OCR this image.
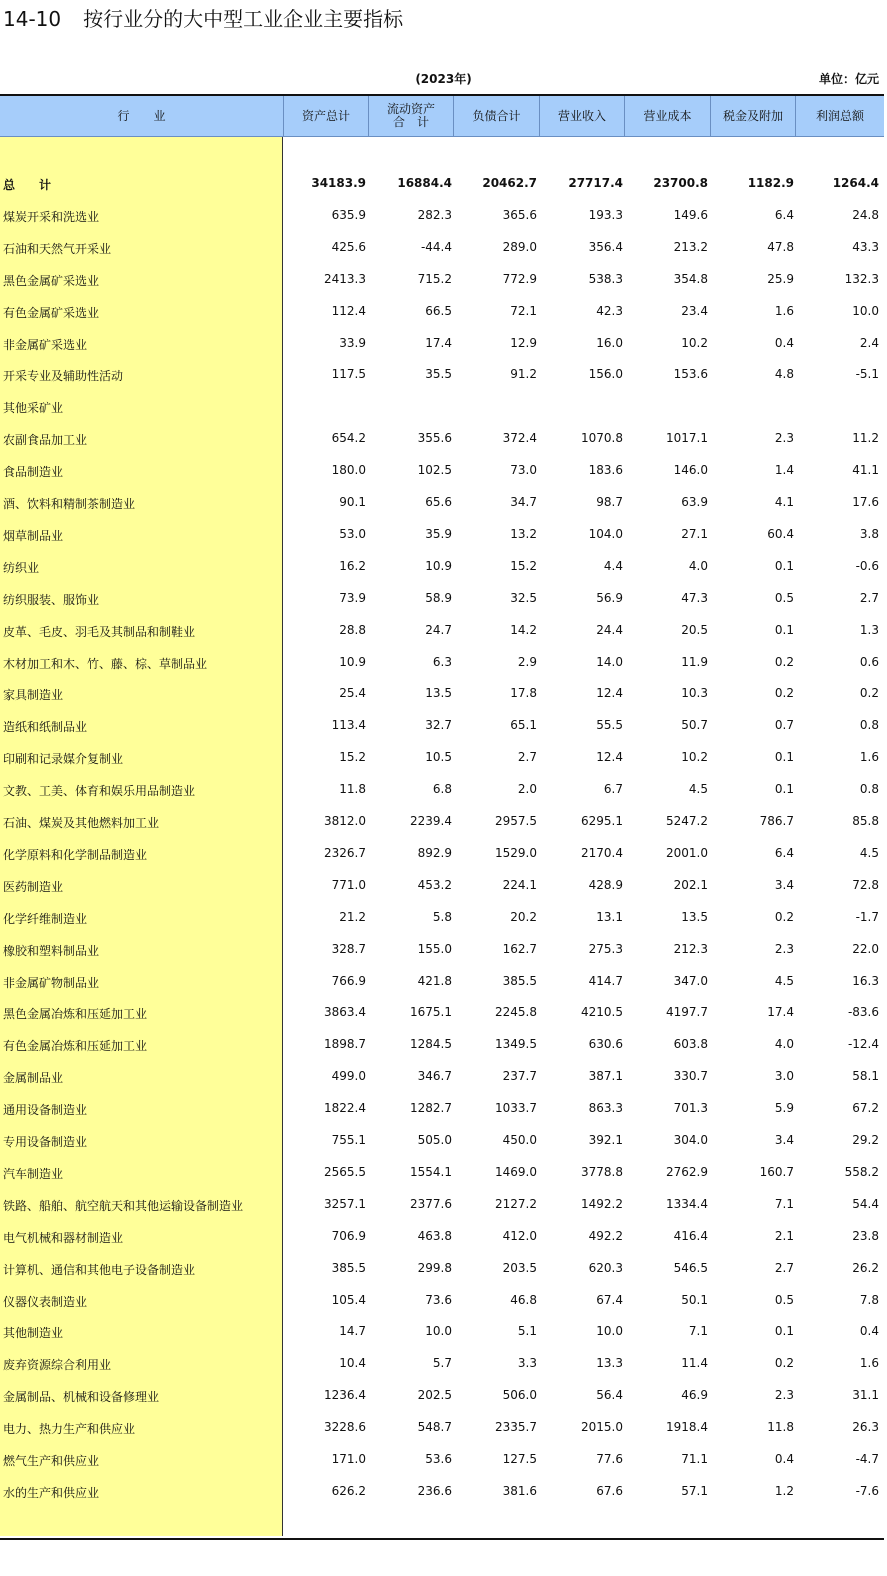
14-10 按行业分的大中型工业企业主要指标
(2023年)	单位：亿元
行　　业	资产总计	流动资产
合　计	负债合计	营业收入	营业成本	税金及附加	利润总额
总　　计	34183.9	16884.4	20462.7	27717.4	23700.8	1182.9	1264.4
煤炭开采和洗选业	635.9	282.3	365.6	193.3	149.6	6.4	24.8
石油和天然气开采业	425.6	-44.4	289.0	356.4	213.2	47.8	43.3
黑色金属矿采选业	2413.3	715.2	772.9	538.3	354.8	25.9	132.3
有色金属矿采选业	112.4	66.5	72.1	42.3	23.4	1.6	10.0
非金属矿采选业	33.9	17.4	12.9	16.0	10.2	0.4	2.4
开采专业及辅助性活动	117.5	35.5	91.2	156.0	153.6	4.8	-5.1
其他采矿业
农副食品加工业	654.2	355.6	372.4	1070.8	1017.1	2.3	11.2
食品制造业	180.0	102.5	73.0	183.6	146.0	1.4	41.1
酒、饮料和精制茶制造业	90.1	65.6	34.7	98.7	63.9	4.1	17.6
烟草制品业	53.0	35.9	13.2	104.0	27.1	60.4	3.8
纺织业	16.2	10.9	15.2	4.4	4.0	0.1	-0.6
纺织服装、服饰业	73.9	58.9	32.5	56.9	47.3	0.5	2.7
皮革、毛皮、羽毛及其制品和制鞋业	28.8	24.7	14.2	24.4	20.5	0.1	1.3
木材加工和木、竹、藤、棕、草制品业	10.9	6.3	2.9	14.0	11.9	0.2	0.6
家具制造业	25.4	13.5	17.8	12.4	10.3	0.2	0.2
造纸和纸制品业	113.4	32.7	65.1	55.5	50.7	0.7	0.8
印刷和记录媒介复制业	15.2	10.5	2.7	12.4	10.2	0.1	1.6
文教、工美、体育和娱乐用品制造业	11.8	6.8	2.0	6.7	4.5	0.1	0.8
石油、煤炭及其他燃料加工业	3812.0	2239.4	2957.5	6295.1	5247.2	786.7	85.8
化学原料和化学制品制造业	2326.7	892.9	1529.0	2170.4	2001.0	6.4	4.5
医药制造业	771.0	453.2	224.1	428.9	202.1	3.4	72.8
化学纤维制造业	21.2	5.8	20.2	13.1	13.5	0.2	-1.7
橡胶和塑料制品业	328.7	155.0	162.7	275.3	212.3	2.3	22.0
非金属矿物制品业	766.9	421.8	385.5	414.7	347.0	4.5	16.3
黑色金属冶炼和压延加工业	3863.4	1675.1	2245.8	4210.5	4197.7	17.4	-83.6
有色金属冶炼和压延加工业	1898.7	1284.5	1349.5	630.6	603.8	4.0	-12.4
金属制品业	499.0	346.7	237.7	387.1	330.7	3.0	58.1
通用设备制造业	1822.4	1282.7	1033.7	863.3	701.3	5.9	67.2
专用设备制造业	755.1	505.0	450.0	392.1	304.0	3.4	29.2
汽车制造业	2565.5	1554.1	1469.0	3778.8	2762.9	160.7	558.2
铁路、船舶、航空航天和其他运输设备制造业	3257.1	2377.6	2127.2	1492.2	1334.4	7.1	54.4
电气机械和器材制造业	706.9	463.8	412.0	492.2	416.4	2.1	23.8
计算机、通信和其他电子设备制造业	385.5	299.8	203.5	620.3	546.5	2.7	26.2
仪器仪表制造业	105.4	73.6	46.8	67.4	50.1	0.5	7.8
其他制造业	14.7	10.0	5.1	10.0	7.1	0.1	0.4
废弃资源综合利用业	10.4	5.7	3.3	13.3	11.4	0.2	1.6
金属制品、机械和设备修理业	1236.4	202.5	506.0	56.4	46.9	2.3	31.1
电力、热力生产和供应业	3228.6	548.7	2335.7	2015.0	1918.4	11.8	26.3
燃气生产和供应业	171.0	53.6	127.5	77.6	71.1	0.4	-4.7
水的生产和供应业	626.2	236.6	381.6	67.6	57.1	1.2	-7.6
